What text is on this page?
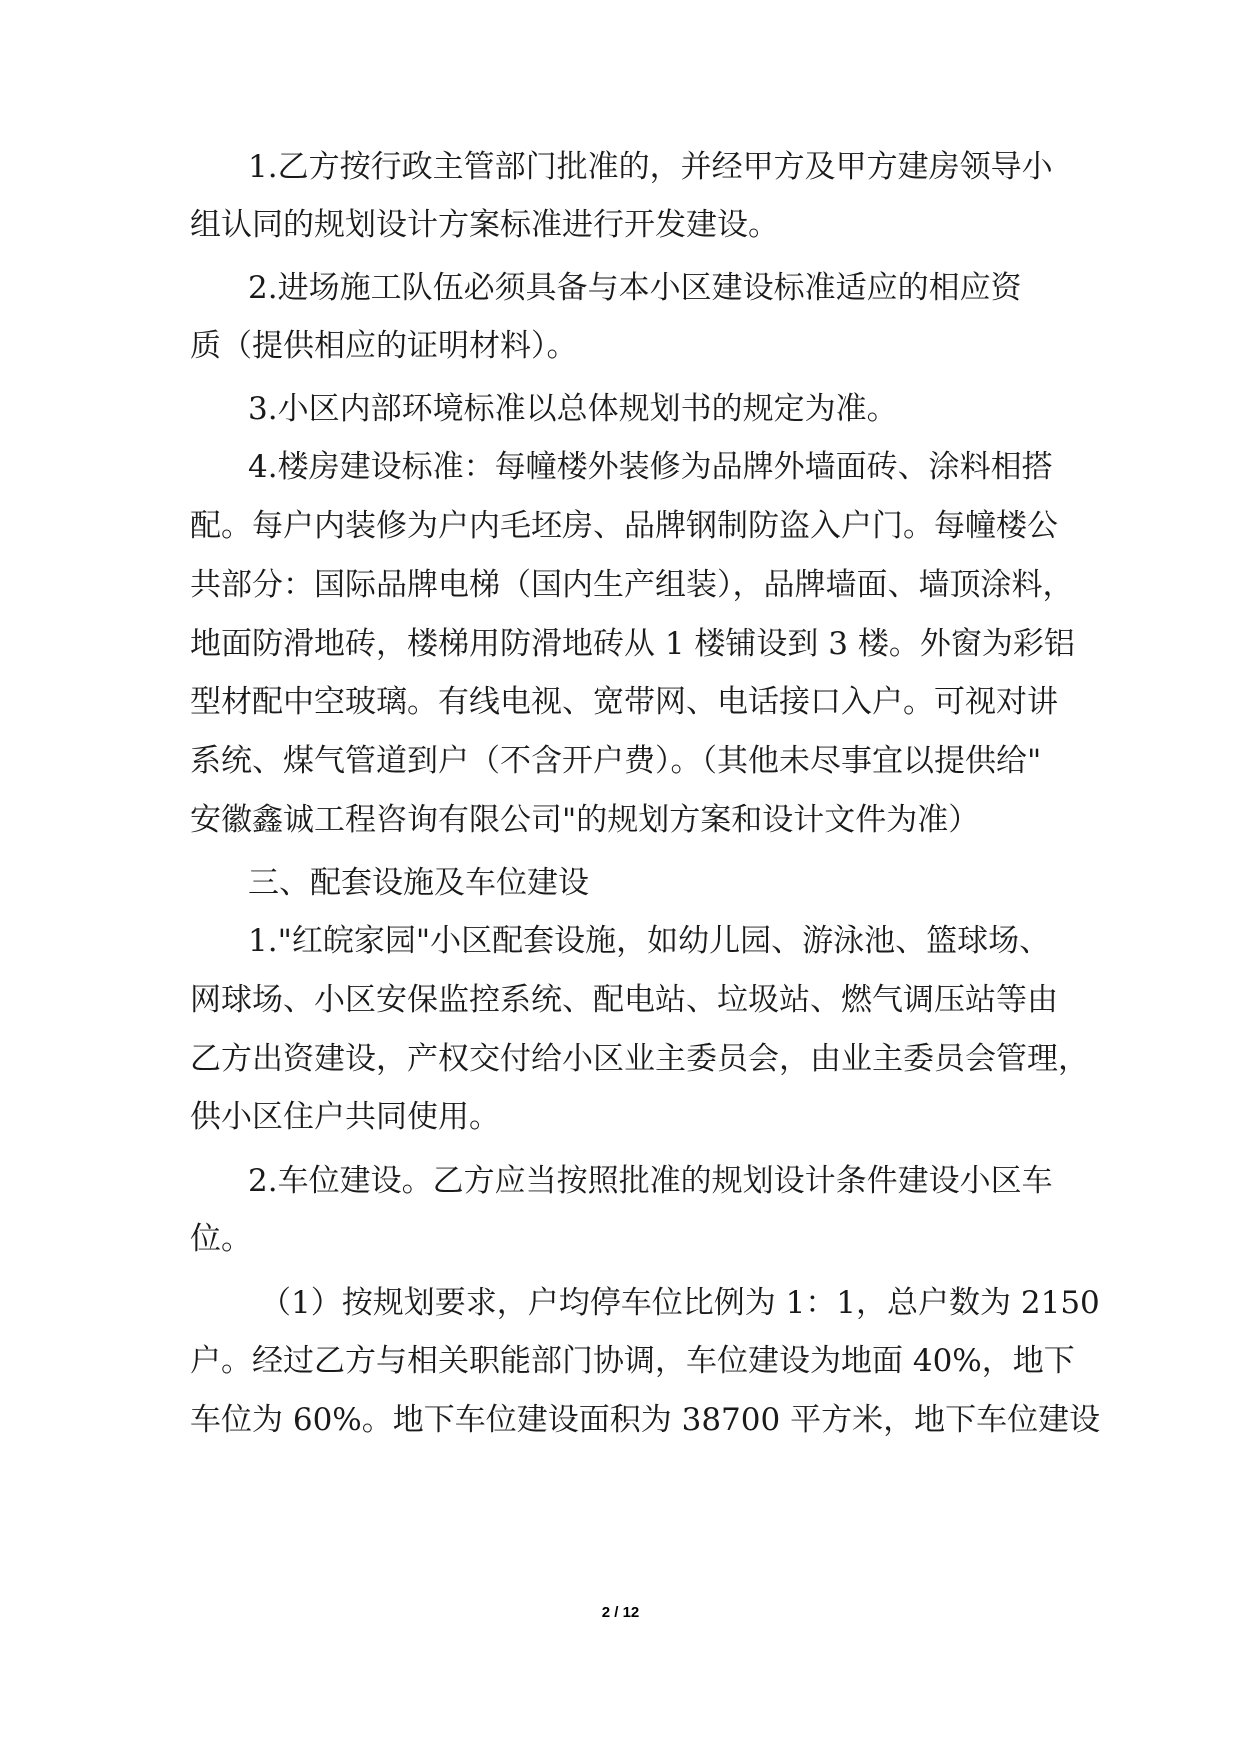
1.乙方按行政主管部门批准的，并经甲方及甲方建房领导小
组认同的规划设计方案标准进行开发建设。
2.进场施工队伍必须具备与本小区建设标准适应的相应资
质（提供相应的证明材料）。
3.小区内部环境标准以总体规划书的规定为准。
4.楼房建设标准：每幢楼外装修为品牌外墙面砖、涂料相搭
配。每户内装修为户内毛坯房、品牌钢制防盗入户门。每幢楼公
共部分：国际品牌电梯（国内生产组装），品牌墙面、墙顶涂料，
地面防滑地砖，楼梯用防滑地砖从 1 楼铺设到 3 楼。外窗为彩铝
型材配中空玻璃。有线电视、宽带网、电话接口入户。可视对讲
系统、煤气管道到户（不含开户费）。（其他未尽事宜以提供给"
安徽鑫诚工程咨询有限公司"的规划方案和设计文件为准）
三、配套设施及车位建设
1."红皖家园"小区配套设施，如幼儿园、游泳池、篮球场、
网球场、小区安保监控系统、配电站、垃圾站、燃气调压站等由
乙方出资建设，产权交付给小区业主委员会，由业主委员会管理，
供小区住户共同使用。
2.车位建设。乙方应当按照批准的规划设计条件建设小区车
位。
（1）按规划要求，户均停车位比例为 1：1，总户数为 2150
户。经过乙方与相关职能部门协调，车位建设为地面 40%，地下
车位为 60%。地下车位建设面积为 38700 平方米，地下车位建设
2 / 12
